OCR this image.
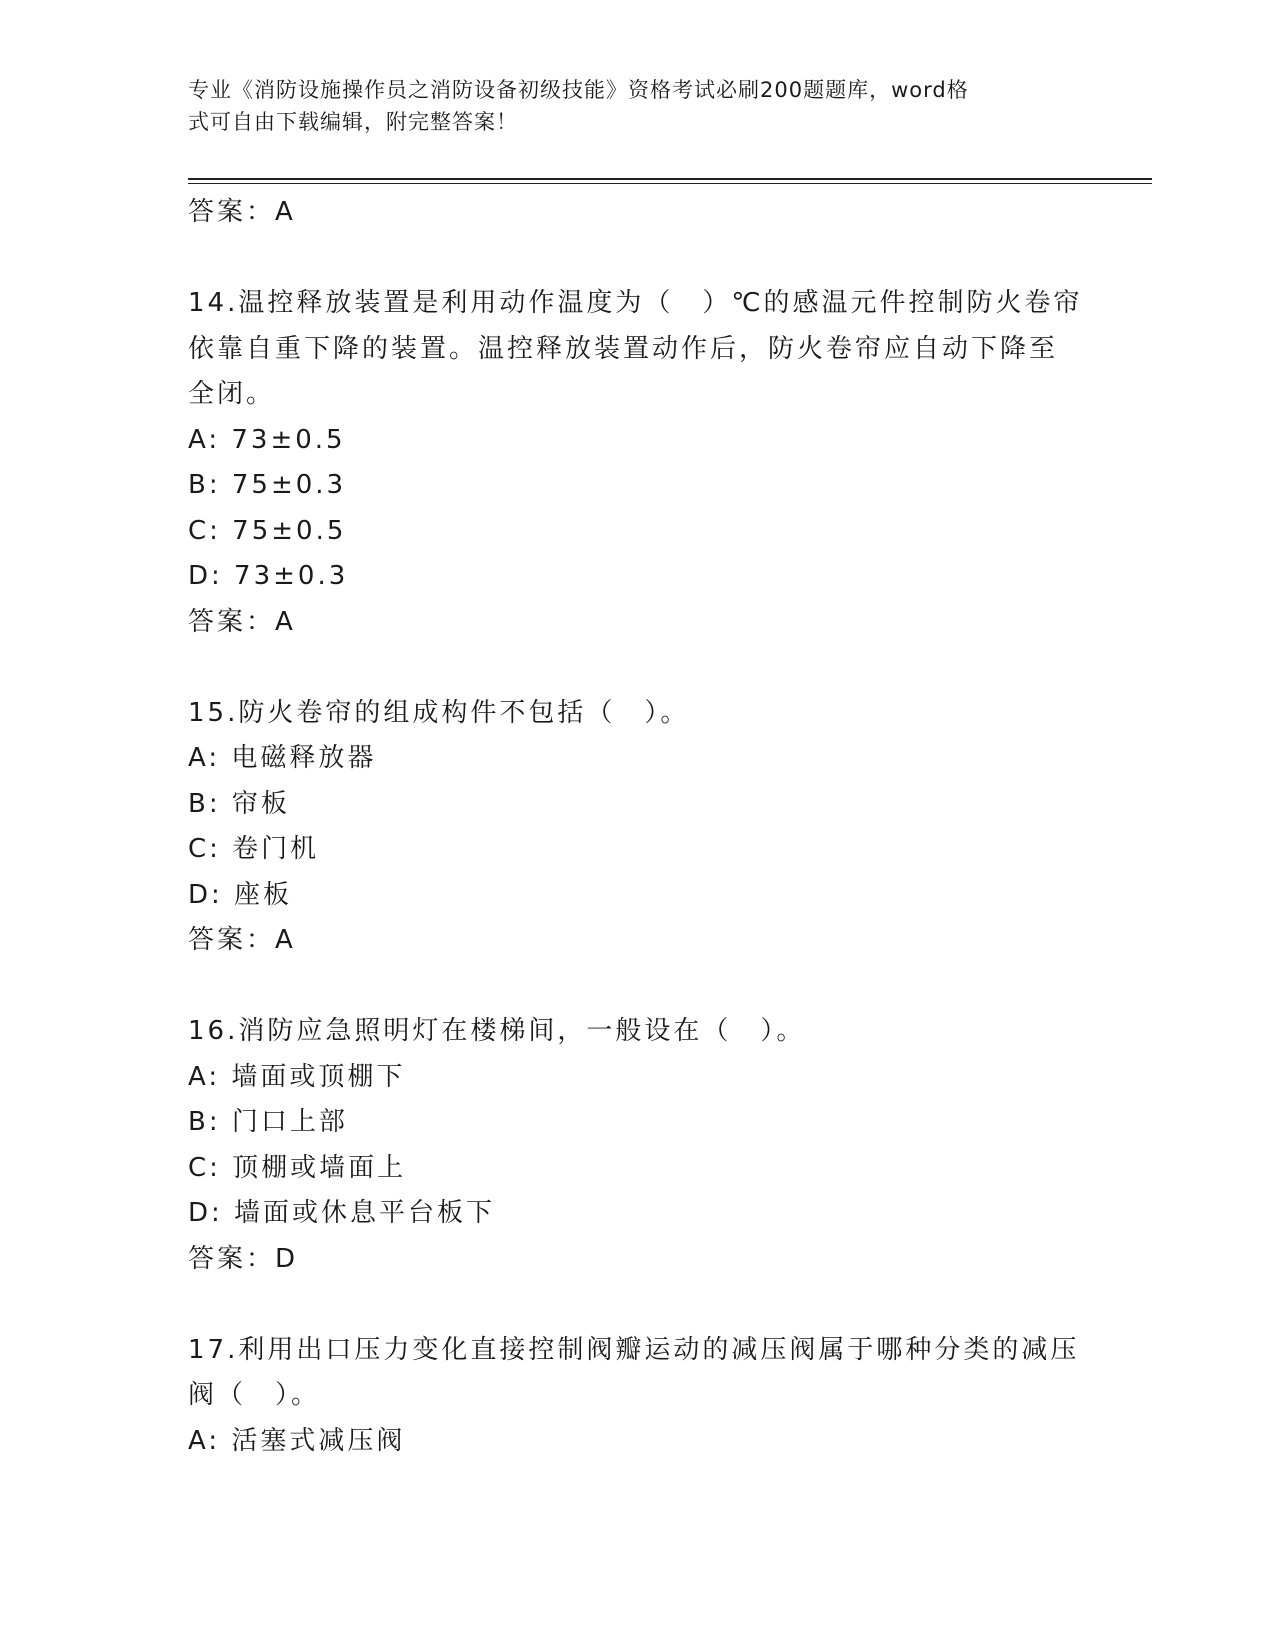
专业《消防设施操作员之消防设备初级技能》资格考试必刷200题题库，word格
式可自由下载编辑，附完整答案！
答案：A
14.温控释放装置是利用动作温度为（　）℃的感温元件控制防火卷帘
依靠自重下降的装置。温控释放装置动作后，防火卷帘应自动下降至
全闭。
A: 73±0.5
B: 75±0.3
C: 75±0.5
D: 73±0.3
答案：A
15.防火卷帘的组成构件不包括（　）。
A: 电磁释放器
B: 帘板
C: 卷门机
D: 座板
答案：A
16.消防应急照明灯在楼梯间，一般设在（　）。
A: 墙面或顶棚下
B: 门口上部
C: 顶棚或墙面上
D: 墙面或休息平台板下
答案：D
17.利用出口压力变化直接控制阀瓣运动的减压阀属于哪种分类的减压
阀（　）。
A: 活塞式减压阀
